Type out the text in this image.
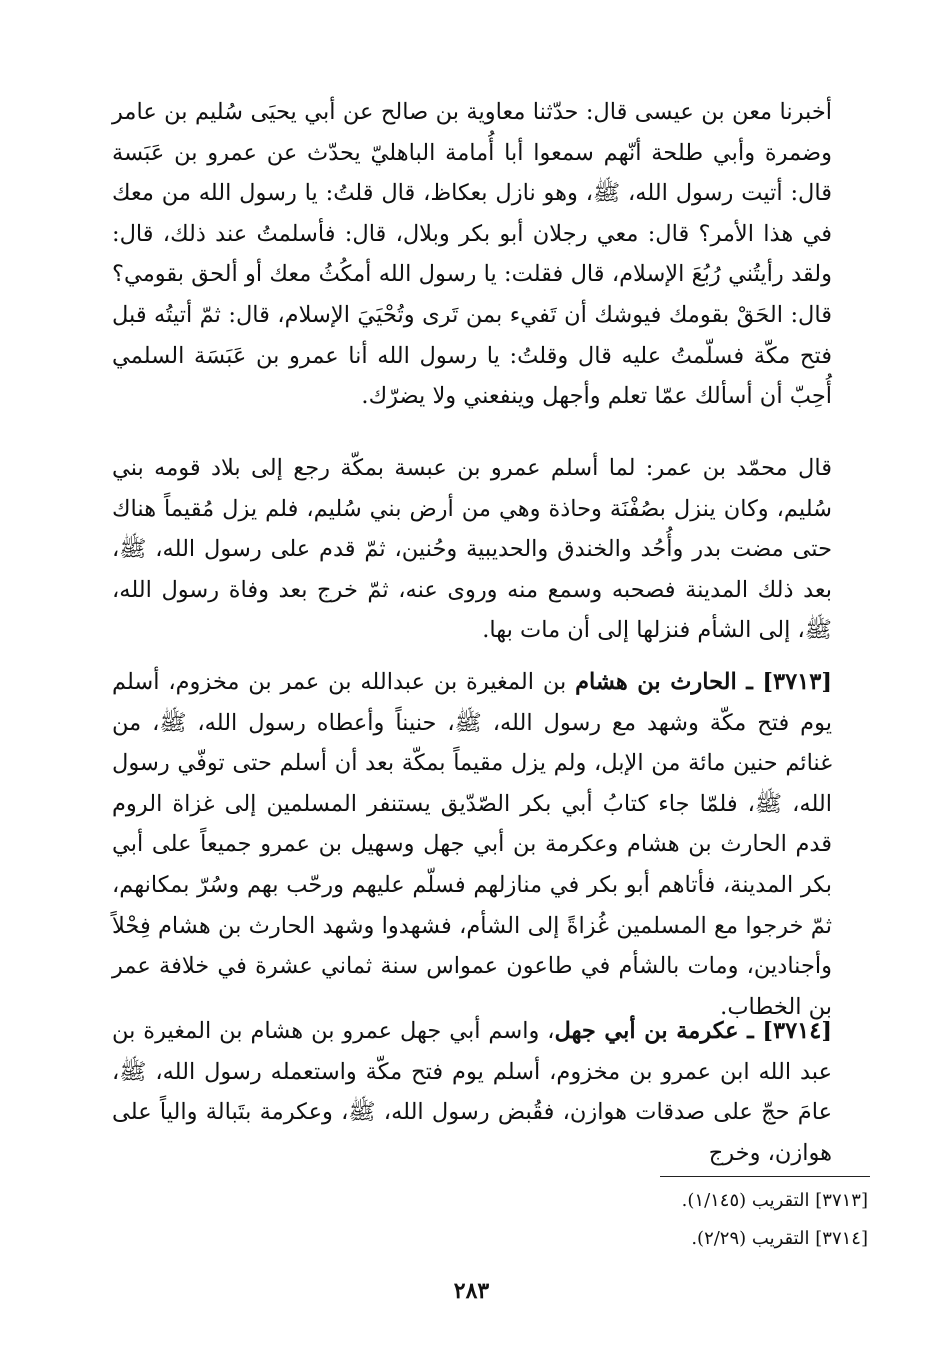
أخبرنا معن بن عيسى قال: حدّثنا معاوية بن صالح عن أبي يحيَى سُليم بن عامر وضمرة وأبي طلحة أنّهم سمعوا أبا أُمامة الباهليّ يحدّث عن عمرو بن عَبَسة قال: أتيت رسول الله، ﷺ، وهو نازل بعكاظ، قال قلتُ: يا رسول الله من معك في هذا الأمر؟ قال: معي رجلان أبو بكر وبلال، قال: فأسلمتُ عند ذلك، قال: ولقد رأيتُني رُبُعَ الإسلام، قال فقلت: يا رسول الله أمكُثُ معك أو ألحق بقومي؟ قال: الحَقْ بقومك فيوشك أن تَفيء بمن تَرى وتُحْيَيَ الإسلام، قال: ثمّ أتيتُه قبل فتح مكّة فسلّمتُ عليه قال وقلتُ: يا رسول الله أنا عمرو بن عَبَسَة السلمي أُحِبّ أن أسألك عمّا تعلم وأجهل وينفعني ولا يضرّك.

قال محمّد بن عمر: لما أسلم عمرو بن عبسة بمكّة رجع إلى بلاد قومه بني سُليم، وكان ينزل بصُفْنَة وحاذة وهي من أرض بني سُليم، فلم يزل مُقيماً هناك حتى مضت بدر وأُحُد والخندق والحديبية وحُنين، ثمّ قدم على رسول الله، ﷺ، بعد ذلك المدينة فصحبه وسمع منه وروى عنه، ثمّ خرج بعد وفاة رسول الله، ﷺ، إلى الشأم فنزلها إلى أن مات بها.

[٣٧١٣] ـ الحارث بن هشام بن المغيرة بن عبدالله بن عمر بن مخزوم، أسلم يوم فتح مكّة وشهد مع رسول الله، ﷺ، حنيناً وأعطاه رسول الله، ﷺ، من غنائم حنين مائة من الإبل، ولم يزل مقيماً بمكّة بعد أن أسلم حتى توفّي رسول الله، ﷺ، فلمّا جاء كتابُ أبي بكر الصّدّيق يستنفر المسلمين إلى غزاة الروم قدم الحارث بن هشام وعكرمة بن أبي جهل وسهيل بن عمرو جميعاً على أبي بكر المدينة، فأتاهم أبو بكر في منازلهم فسلّم عليهم ورحّب بهم وسُرّ بمكانهم، ثمّ خرجوا مع المسلمين غُزاةً إلى الشأم، فشهدوا وشهد الحارث بن هشام فِحْلاً وأجنادين، ومات بالشأم في طاعون عمواس سنة ثماني عشرة في خلافة عمر بن الخطاب.

[٣٧١٤] ـ عكرمة بن أبي جهل، واسم أبي جهل عمرو بن هشام بن المغيرة بن عبد الله ابن عمرو بن مخزوم، أسلم يوم فتح مكّة واستعمله رسول الله، ﷺ، عامَ حجّ على صدقات هوازن، فقُبض رسول الله، ﷺ، وعكرمة بتَبالة والياً على هوازن، وخرج

[٣٧١٣] التقريب (١/١٤٥).

[٣٧١٤] التقريب (٢/٢٩).

٢٨٣
